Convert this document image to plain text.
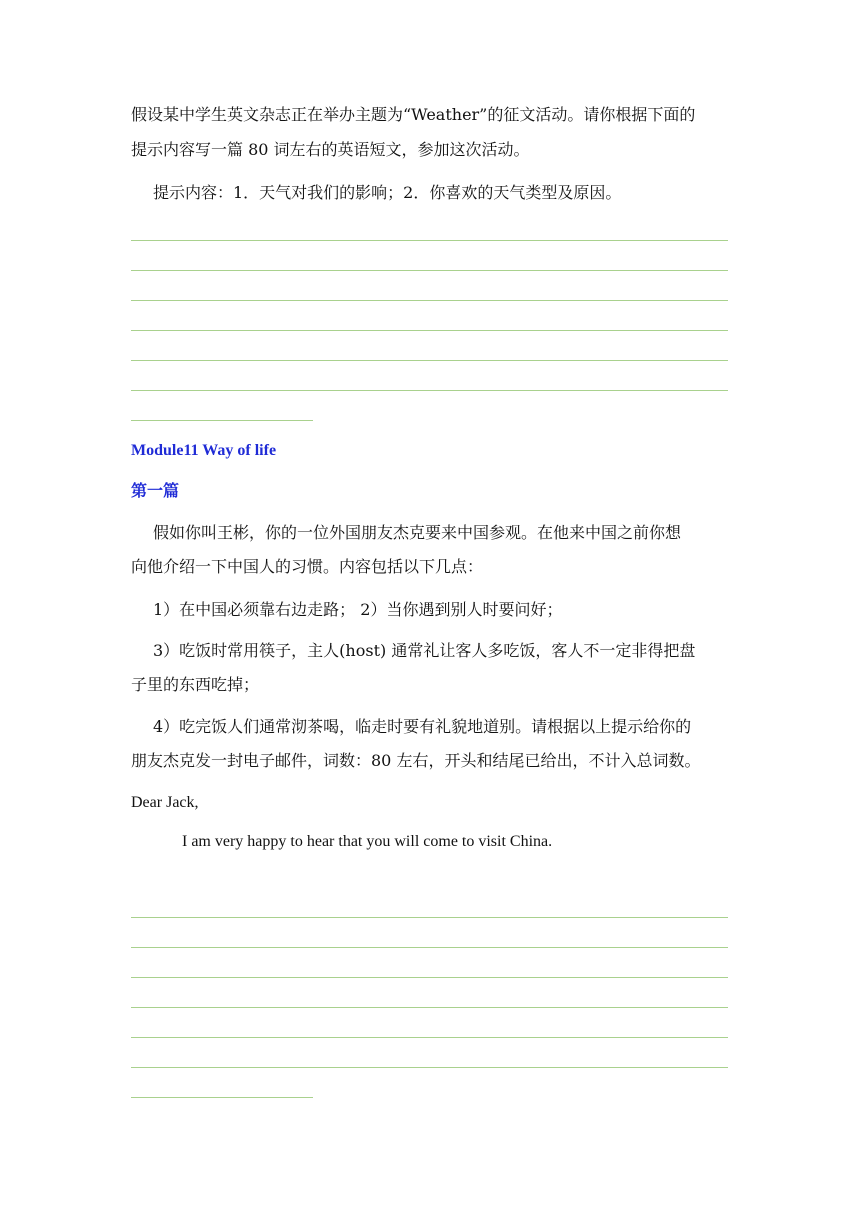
假设某中学生英文杂志正在举办主题为“Weather”的征文活动。请你根据下面的
提示内容写一篇 80 词左右的英语短文，参加这次活动。
提示内容：1．天气对我们的影响；2．你喜欢的天气类型及原因。
Module11 Way of life
第一篇
假如你叫王彬，你的一位外国朋友杰克要来中国参观。在他来中国之前你想
向他介绍一下中国人的习惯。内容包括以下几点：
1）在中国必须靠右边走路； 2）当你遇到别人时要问好；
3）吃饭时常用筷子，主人(host) 通常礼让客人多吃饭，客人不一定非得把盘
子里的东西吃掉；
4）吃完饭人们通常沏茶喝，临走时要有礼貌地道别。请根据以上提示给你的
朋友杰克发一封电子邮件，词数：80 左右，开头和结尾已给出，不计入总词数。
Dear Jack,
I am very happy to hear that you will come to visit China.
